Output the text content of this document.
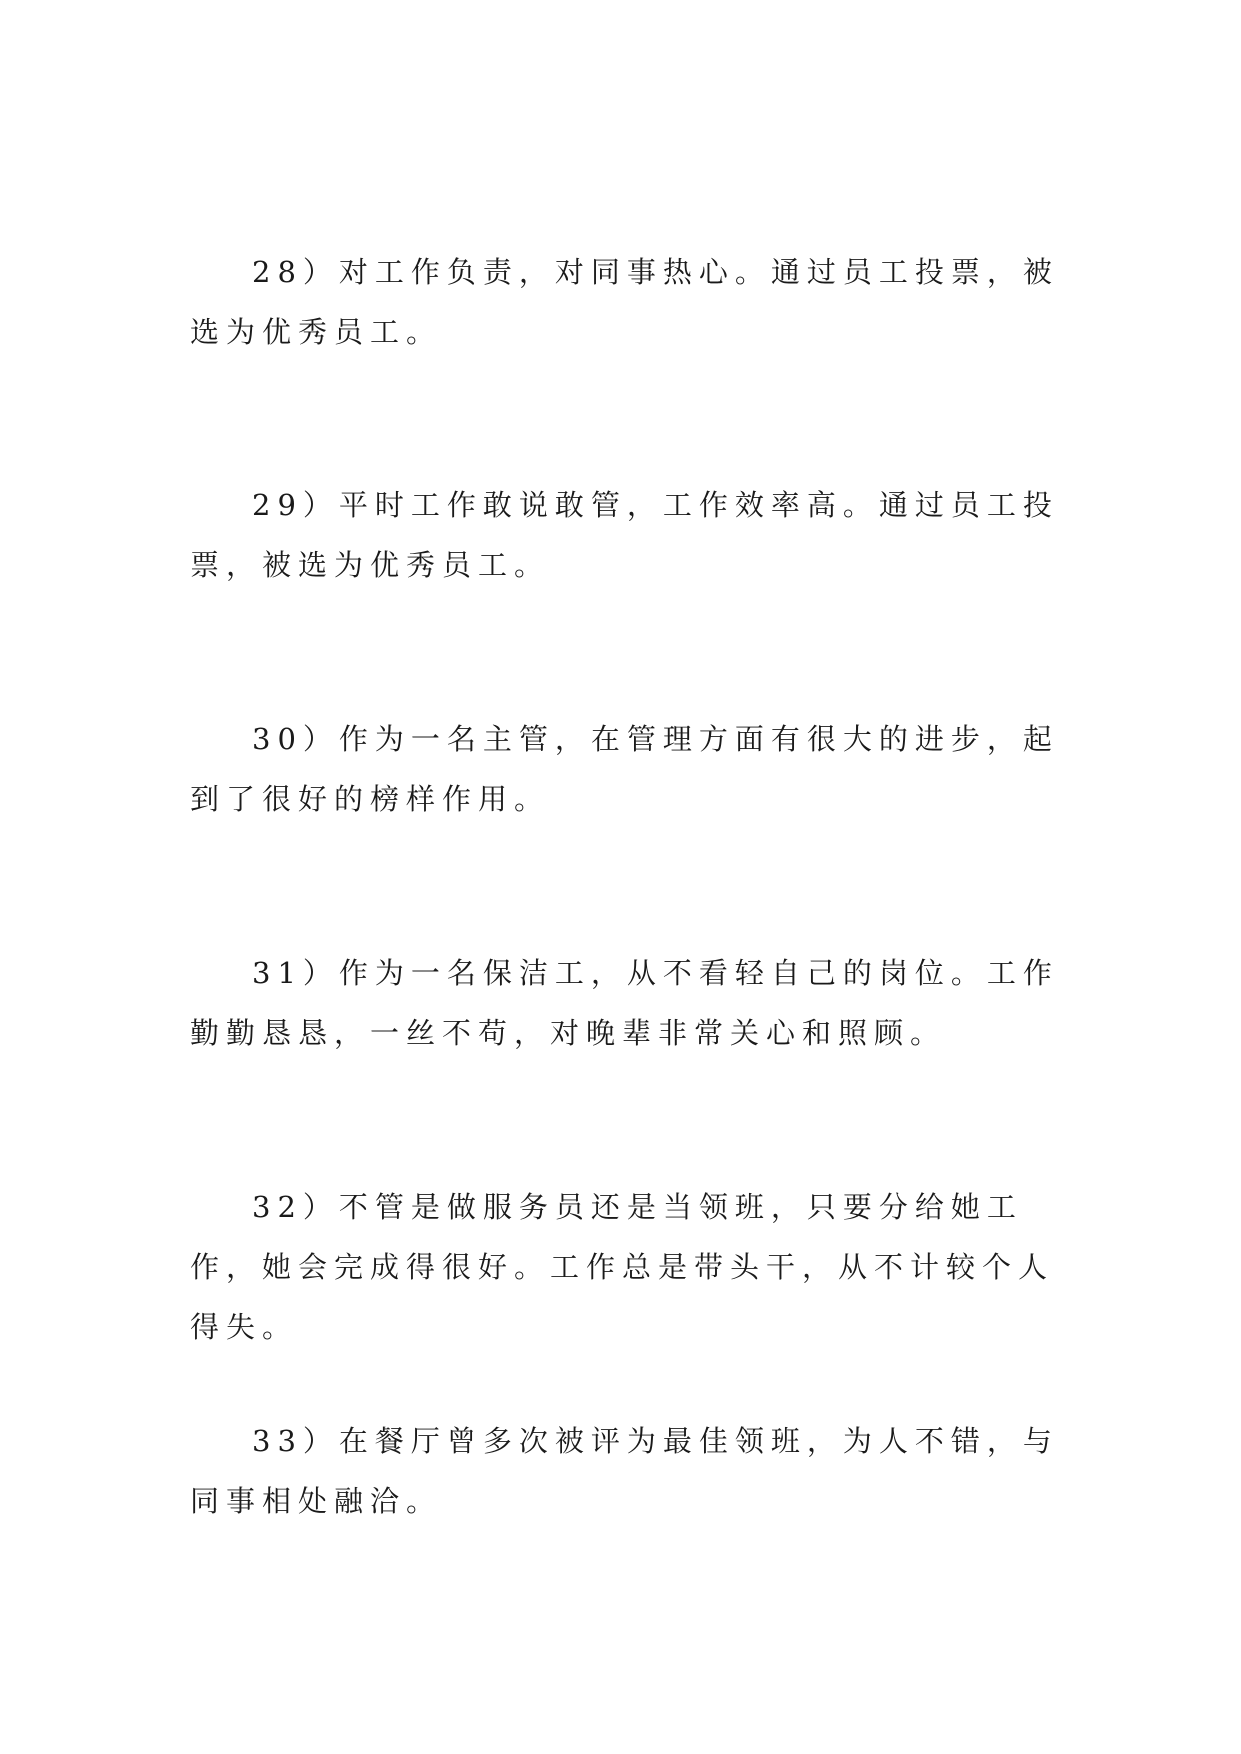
28）对工作负责，对同事热心。通过员工投票，被选为优秀员工。

29）平时工作敢说敢管，工作效率高。通过员工投票，被选为优秀员工。

30）作为一名主管，在管理方面有很大的进步，起到了很好的榜样作用。

31）作为一名保洁工，从不看轻自己的岗位。工作勤勤恳恳，一丝不苟，对晚辈非常关心和照顾。

32）不管是做服务员还是当领班，只要分给她工作，她会完成得很好。工作总是带头干，从不计较个人得失。

33）在餐厅曾多次被评为最佳领班，为人不错，与同事相处融洽。
